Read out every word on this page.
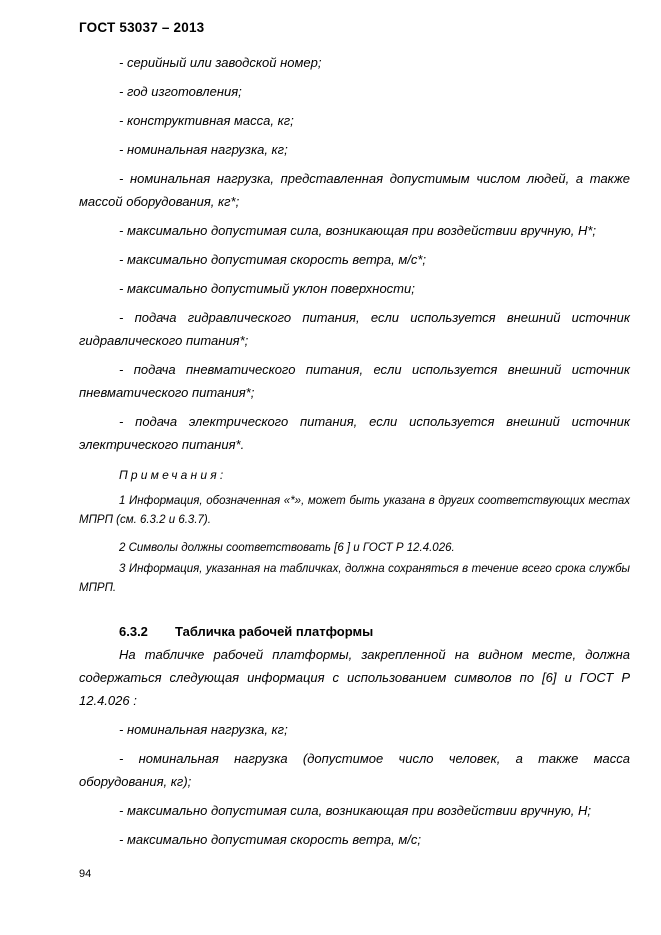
ГОСТ 53037 – 2013

- серийный или заводской номер;

- год изготовления;

- конструктивная масса, кг;

- номинальная нагрузка, кг;

- номинальная нагрузка, представленная допустимым числом людей, а также
массой оборудования, кг*;

- максимально допустимая сила, возникающая при воздействии вручную, Н*;

- максимально допустимая скорость ветра, м/с*;

- максимально допустимый уклон поверхности;

- подача гидравлического питания, если используется внешний источник
гидравлического питания*;

- подача пневматического питания, если используется внешний источник
пневматического питания*;

- подача электрического питания, если используется внешний источник
электрического питания*.

Примечания:

1 Информация, обозначенная «*», может быть указана в других соответствующих местах МПРП (см. 6.3.2 и 6.3.7).

2 Символы должны соответствовать [6 ] и ГОСТ Р 12.4.026.

3 Информация, указанная на табличках, должна сохраняться в течение всего срока службы МПРП.

6.3.2 Табличка рабочей платформы

На табличке рабочей платформы, закрепленной на видном месте, должна содержаться следующая информация с использованием символов по [6] и ГОСТ Р 12.4.026 :

- номинальная нагрузка, кг;

- номинальная нагрузка (допустимое число человек, а также масса
оборудования, кг);

- максимально допустимая сила, возникающая при воздействии вручную, Н;

- максимально допустимая скорость ветра, м/с;

94
